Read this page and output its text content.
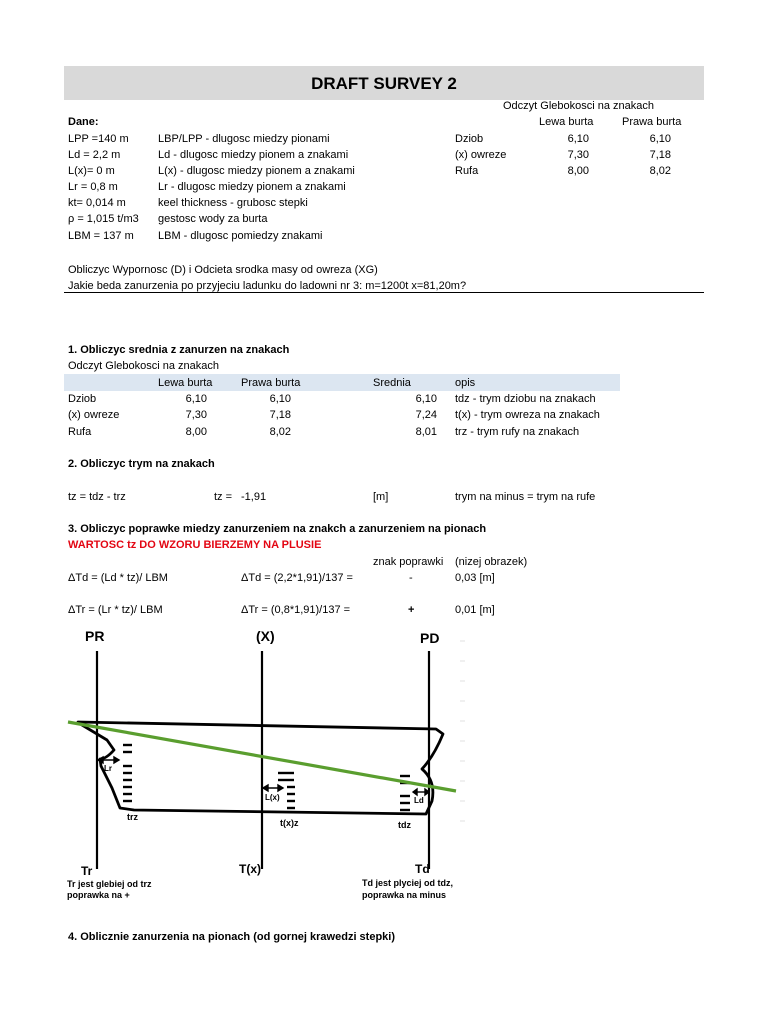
DRAFT SURVEY 2
Odczyt Glebokosci na znakach
Lewa burta	Prawa burta
Dziob	6,10	6,10
(x) owreze	7,30	7,18
Rufa	8,00	8,02
Dane:
LPP =140 m	LBP/LPP - dlugosc miedzy pionami
Ld = 2,2 m	Ld - dlugosc miedzy pionem a znakami
L(x)= 0 m	L(x) - dlugosc miedzy pionem a znakami
Lr = 0,8 m	Lr - dlugosc miedzy pionem a znakami
kt= 0,014 m	keel thickness - grubosc stepki
ρ = 1,015 t/m3 gestosc wody za burta
LBM = 137 m LBM - dlugosc pomiedzy znakami
Obliczyc Wypornosc (D) i Odcieta srodka masy od owreza (XG)
Jakie beda zanurzenia po przyjeciu ladunku do ladowni nr 3: m=1200t x=81,20m?
1. Obliczyc srednia z zanurzen na znakach
Odczyt Glebokosci na znakach
Lewa burta	Prawa burta	Srednia	opis
Dziob	6,10	6,10	6,10 tdz - trym dziobu na znakach
(x) owreze	7,30	7,18	7,24 t(x) - trym owreza na znakach
Rufa	8,00	8,02	8,01 trz - trym rufy na znakach
2. Obliczyc trym na znakach
tz = tdz - trz	tz = -1,91	[m]	trym na minus = trym na rufe
3. Obliczyc poprawke miedzy zanurzeniem na znakch a zanurzeniem na pionach
WARTOSC tz DO WZORU BIERZEMY NA PLUSIE
znak poprawki (nizej obrazek)
ΔTd = (Ld * tz)/ LBM	ΔTd = (2,2*1,91)/137 =	-	0,03 [m]
ΔTr = (Lr * tz)/ LBM	ΔTr = (0,8*1,91)/137 =	+	0,01 [m]
PR	(X)	PD
Lr
L(x)	Ld
trz
t(x)z	tdz
Tr	T(x)	Td
Tr jest glebiej od trz
poprawka na +
Td jest plyciej od tdz,
poprawka na minus
4. Oblicznie zanurzenia na pionach (od gornej krawedzi stepki)
